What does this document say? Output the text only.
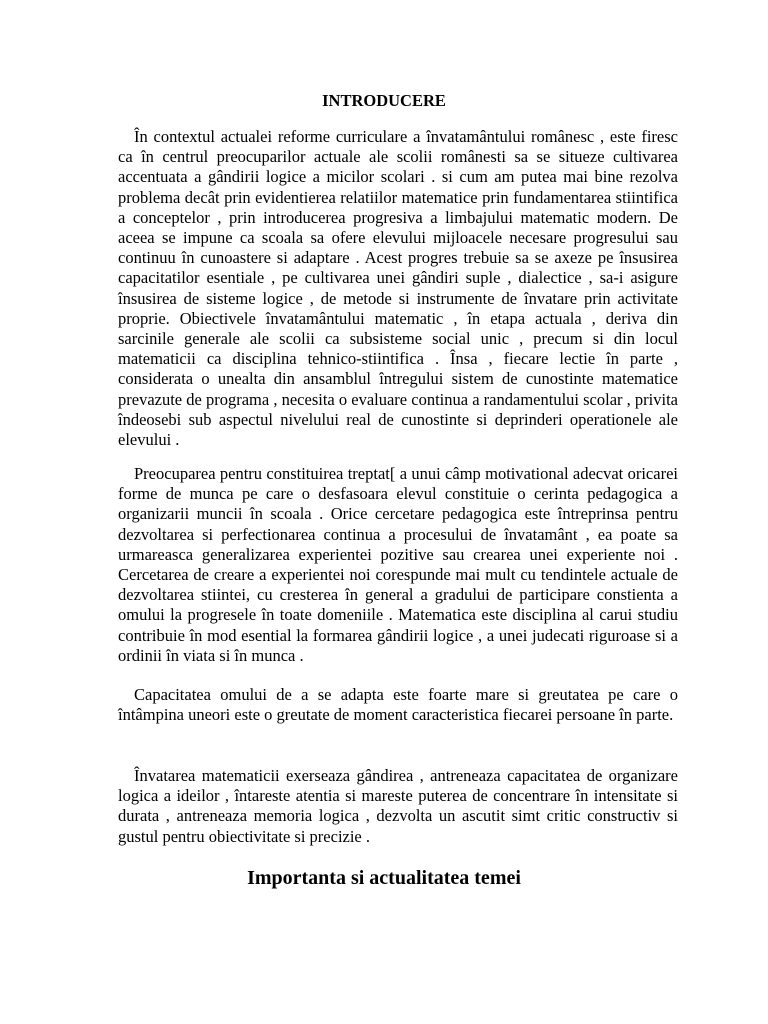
INTRODUCERE

În contextul actualei reforme curriculare a învatamântului românesc , este firesc ca în centrul preocuparilor actuale ale scolii românesti sa se situeze cultivarea accentuata a gândirii logice a micilor scolari . si cum am putea mai bine rezolva problema decât prin evidentierea relatiilor matematice prin fundamentarea stiintifica a conceptelor , prin introducerea progresiva a limbajului matematic modern. De aceea se impune ca scoala sa ofere elevului mijloacele necesare progresului sau continuu în cunoastere si adaptare . Acest progres trebuie sa se axeze pe însusirea capacitatilor esentiale , pe cultivarea unei gândiri suple , dialectice , sa-i asigure însusirea de sisteme logice , de metode si instrumente de învatare prin activitate proprie. Obiectivele învatamântului matematic , în etapa actuala , deriva din sarcinile generale ale scolii ca subsisteme social unic , precum si din locul matematicii ca disciplina tehnico-stiintifica . Însa , fiecare lectie în parte , considerata o unealta din ansamblul întregului sistem de cunostinte matematice prevazute de programa , necesita o evaluare continua a randamentului scolar , privita îndeosebi sub aspectul nivelului real de cunostinte si deprinderi operationele ale elevului .

Preocuparea pentru constituirea treptat[ a unui câmp motivational adecvat oricarei forme de munca pe care o desfasoara elevul constituie o cerinta pedagogica a organizarii muncii în scoala . Orice cercetare pedagogica este întreprinsa pentru dezvoltarea si perfectionarea continua a procesului de învatamânt , ea poate sa urmareasca generalizarea experientei pozitive sau crearea unei experiente noi . Cercetarea de creare a experientei noi corespunde mai mult cu tendintele actuale de dezvoltarea stiintei, cu cresterea în general a gradului de participare constienta a omului la progresele în toate domeniile . Matematica este disciplina al carui studiu contribuie în mod esential la formarea gândirii logice , a unei judecati riguroase si a ordinii în viata si în munca .

Capacitatea omului de a se adapta este foarte mare si greutatea pe care o întâmpina uneori este o greutate de moment caracteristica fiecarei persoane în parte.

Învatarea matematicii exerseaza gândirea , antreneaza capacitatea de organizare logica a ideilor , întareste atentia si mareste puterea de concentrare în intensitate si durata , antreneaza memoria logica , dezvolta un ascutit simt critic constructiv si gustul pentru obiectivitate si precizie .

Importanta si actualitatea temei
